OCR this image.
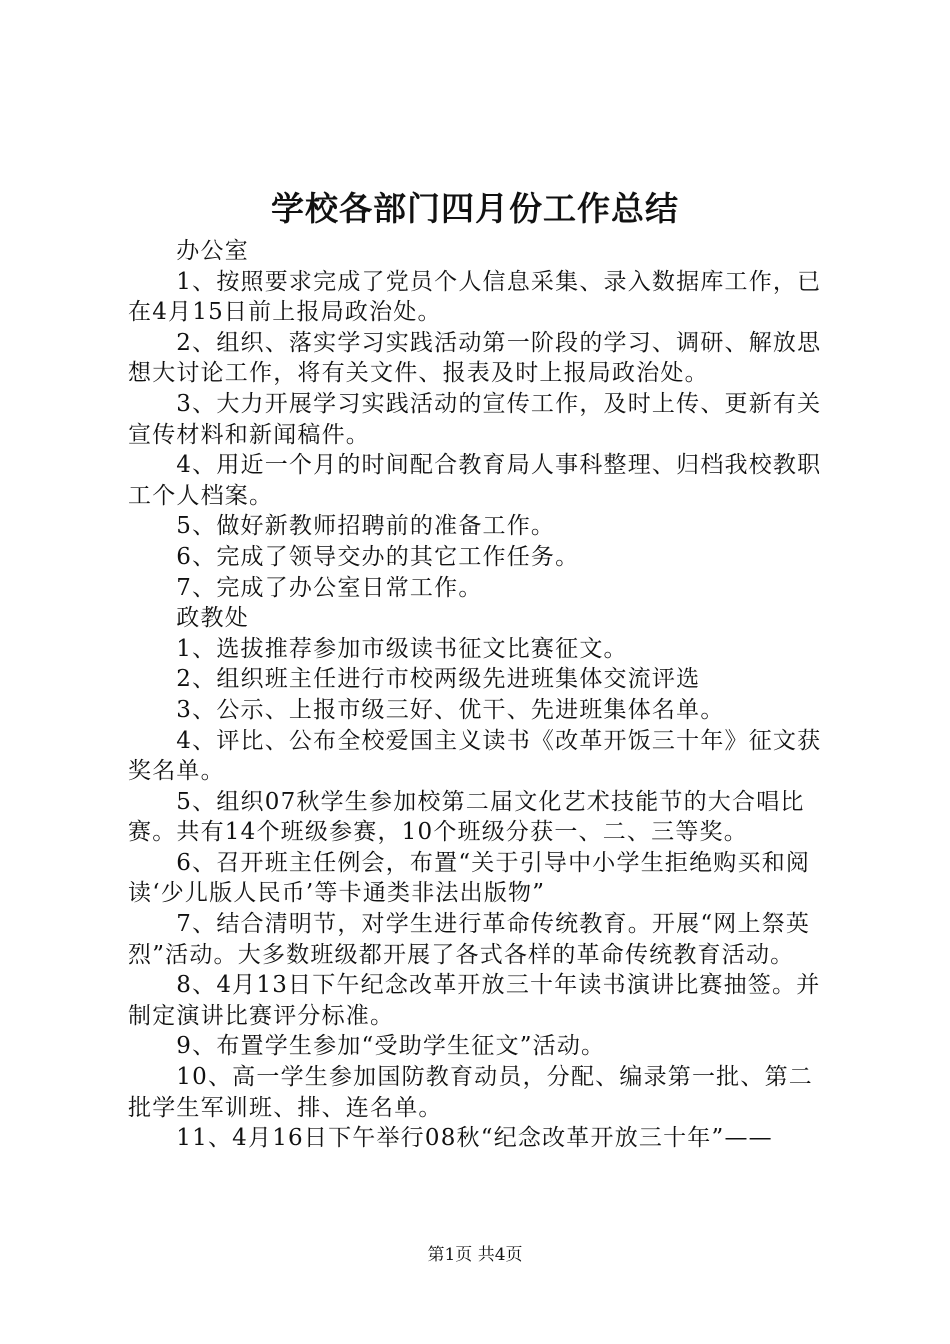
学校各部门四月份工作总结

办公室

1、按照要求完成了党员个人信息采集、录入数据库工作，已在4月15日前上报局政治处。

2、组织、落实学习实践活动第一阶段的学习、调研、解放思想大讨论工作，将有关文件、报表及时上报局政治处。

3、大力开展学习实践活动的宣传工作，及时上传、更新有关宣传材料和新闻稿件。

4、用近一个月的时间配合教育局人事科整理、归档我校教职工个人档案。

5、做好新教师招聘前的准备工作。

6、完成了领导交办的其它工作任务。

7、完成了办公室日常工作。

政教处

1、选拔推荐参加市级读书征文比赛征文。

2、组织班主任进行市校两级先进班集体交流评选

3、公示、上报市级三好、优干、先进班集体名单。

4、评比、公布全校爱国主义读书《改革开饭三十年》征文获奖名单。

5、组织07秋学生参加校第二届文化艺术技能节的大合唱比赛。共有14个班级参赛，10个班级分获一、二、三等奖。

6、召开班主任例会，布置“关于引导中小学生拒绝购买和阅读‘少儿版人民币’等卡通类非法出版物”

7、结合清明节，对学生进行革命传统教育。开展“网上祭英烈”活动。大多数班级都开展了各式各样的革命传统教育活动。

8、4月13日下午纪念改革开放三十年读书演讲比赛抽签。并制定演讲比赛评分标准。

9、布置学生参加“受助学生征文”活动。

10、高一学生参加国防教育动员，分配、编录第一批、第二批学生军训班、排、连名单。

11、4月16日下午举行08秋“纪念改革开放三十年”——

第1页 共4页
